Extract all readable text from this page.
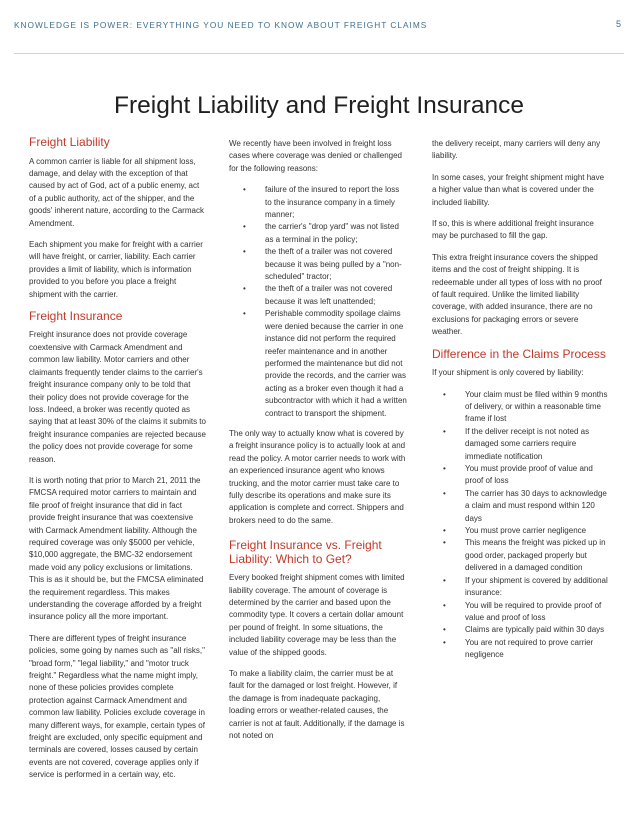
KNOWLEDGE IS POWER: EVERYTHING YOU NEED TO KNOW ABOUT FREIGHT CLAIMS	5
Freight Liability and Freight Insurance
Freight Liability

A common carrier is liable for all shipment loss, damage, and delay with the exception of that caused by act of God, act of a public enemy, act of a public authority, act of the shipper, and the goods' inherent nature, according to the Carmack Amendment.

Each shipment you make for freight with a carrier will have freight, or carrier, liability. Each carrier provides a limit of liability, which is information provided to you before you place a freight shipment with the carrier.

Freight Insurance

Freight insurance does not provide coverage coextensive with Carmack Amendment and common law liability. Motor carriers and other claimants frequently tender claims to the carrier's freight insurance company only to be told that their policy does not provide coverage for the loss. Indeed, a broker was recently quoted as saying that at least 30% of the claims it submits to freight insurance companies are rejected because the policy does not provide coverage for some reason.

It is worth noting that prior to March 21, 2011 the FMCSA required motor carriers to maintain and file proof of freight insurance that did in fact provide freight insurance that was coextensive with Carmack Amendment liability. Although the required coverage was only $5000 per vehicle, $10,000 aggregate, the BMC-32 endorsement made void any policy exclusions or limitations. This is as it should be, but the FMCSA eliminated the requirement regardless. This makes understanding the coverage afforded by a freight insurance policy all the more important.

There are different types of freight insurance policies, some going by names such as "all risks," "broad form," "legal liability," and "motor truck freight." Regardless what the name might imply, none of these policies provides complete protection against Carmack Amendment and common law liability. Policies exclude coverage in many different ways, for example, certain types of freight are excluded, only specific equipment and terminals are covered, losses caused by certain events are not covered, coverage applies only if service is performed in a certain way, etc.

We recently have been involved in freight loss cases where coverage was denied or challenged for the following reasons:

• failure of the insured to report the loss to the insurance company in a timely manner;
• the carrier's "drop yard" was not listed as a terminal in the policy;
• the theft of a trailer was not covered because it was being pulled by a "non-scheduled" tractor;
• the theft of a trailer was not covered because it was left unattended;
• Perishable commodity spoilage claims were denied because the carrier in one instance did not perform the required reefer maintenance and in another performed the maintenance but did not provide the records, and the carrier was acting as a broker even though it had a subcontractor with which it had a written contract to transport the shipment.

The only way to actually know what is covered by a freight insurance policy is to actually look at and read the policy. A motor carrier needs to work with an experienced insurance agent who knows trucking, and the motor carrier must take care to fully describe its operations and make sure its application is complete and correct. Shippers and brokers need to do the same.

Freight Insurance vs. Freight Liability: Which to Get?

Every booked freight shipment comes with limited liability coverage. The amount of coverage is determined by the carrier and based upon the commodity type. It covers a certain dollar amount per pound of freight. In some situations, the included liability coverage may be less than the value of the shipped goods.

To make a liability claim, the carrier must be at fault for the damaged or lost freight. However, if the damage is from inadequate packaging, loading errors or weather-related causes, the carrier is not at fault. Additionally, if the damage is not noted on

the delivery receipt, many carriers will deny any liability.

In some cases, your freight shipment might have a higher value than what is covered under the included liability.

If so, this is where additional freight insurance may be purchased to fill the gap.

This extra freight insurance covers the shipped items and the cost of freight shipping. It is redeemable under all types of loss with no proof of fault required. Unlike the limited liability coverage, with added insurance, there are no exclusions for packaging errors or severe weather.

Difference in the Claims Process

If your shipment is only covered by liability:

• Your claim must be filed within 9 months of delivery, or within a reasonable time frame if lost
• If the deliver receipt is not noted as damaged some carriers require immediate notification
• You must provide proof of value and proof of loss
• The carrier has 30 days to acknowledge a claim and must respond within 120 days
• You must prove carrier negligence
• This means the freight was picked up in good order, packaged properly but delivered in a damaged condition
• If your shipment is covered by additional insurance:
• You will be required to provide proof of value and proof of loss
• Claims are typically paid within 30 days
• You are not required to prove carrier negligence
